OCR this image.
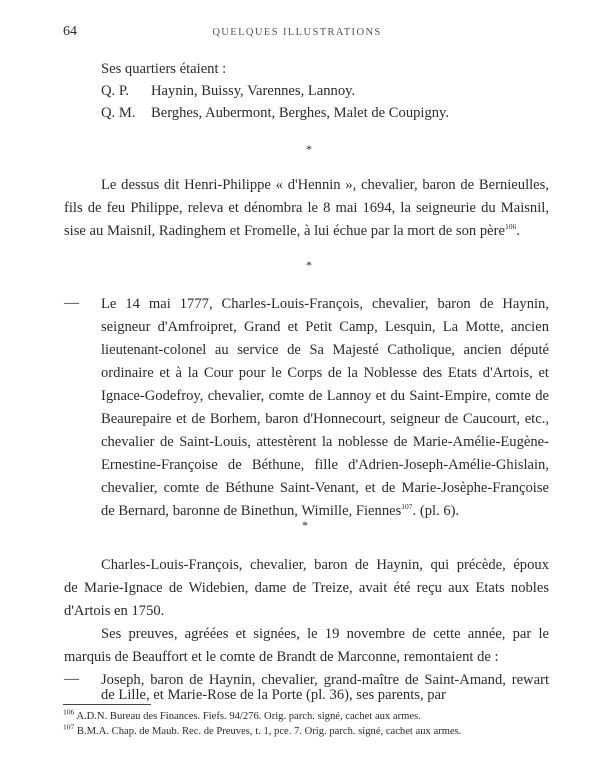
64	QUELQUES ILLUSTRATIONS
Ses quartiers étaient :
Q. P. Haynin, Buissy, Varennes, Lannoy.
Q. M. Berghes, Aubermont, Berghes, Malet de Coupigny.
*
Le dessus dit Henri-Philippe « d'Hennin », chevalier, baron de Bernieulles,
fils de feu Philippe, releva et dénombra le 8 mai 1694, la seigneurie du Maisnil,
sise au Maisnil, Radinghem et Fromelle, à lui échue par la mort de son père$^{106}$.
*
— Le 14 mai 1777, Charles-Louis-François, chevalier, baron de Haynin,
seigneur d'Amfroipret, Grand et Petit Camp, Lesquin, La Motte, ancien
lieutenant-colonel au service de Sa Majesté Catholique, ancien député
ordinaire et à la Cour pour le Corps de la Noblesse des Etats d'Artois, et
Ignace-Godefroy, chevalier, comte de Lannoy et du Saint-Empire, comte de
Beaurepaire et de Borhem, baron d'Honnecourt, seigneur de Caucourt, etc.,
chevalier de Saint-Louis, attestèrent la noblesse de Marie-Amélie-Eugène-
Ernestine-Françoise de Béthune, fille d'Adrien-Joseph-Amélie-Ghislain,
chevalier, comte de Béthune Saint-Venant, et de Marie-Josèphe-Françoise
de Bernard, baronne de Binethun, Wimille, Fiennes$^{107}$. (pl. 6).
*
Charles-Louis-François, chevalier, baron de Haynin, qui précède, époux
de Marie-Ignace de Widebien, dame de Treize, avait été reçu aux Etats nobles
d'Artois en 1750.
Ses preuves, agréées et signées, le 19 novembre de cette année, par le
marquis de Beauffort et le comte de Brandt de Marconne, remontaient de :
— Joseph, baron de Haynin, chevalier, grand-maître de Saint-Amand, rewart
de Lille, et Marie-Rose de la Porte (pl. 36), ses parents, par
$^{106}$ A.D.N. Bureau des Finances. Fiefs. 94/276. Orig. parch. signé, cachet aux armes.
$^{107}$ B.M.A. Chap. de Maub. Rec. de Preuves, t. 1, pce. 7. Orig. parch. signé, cachet aux armes.
